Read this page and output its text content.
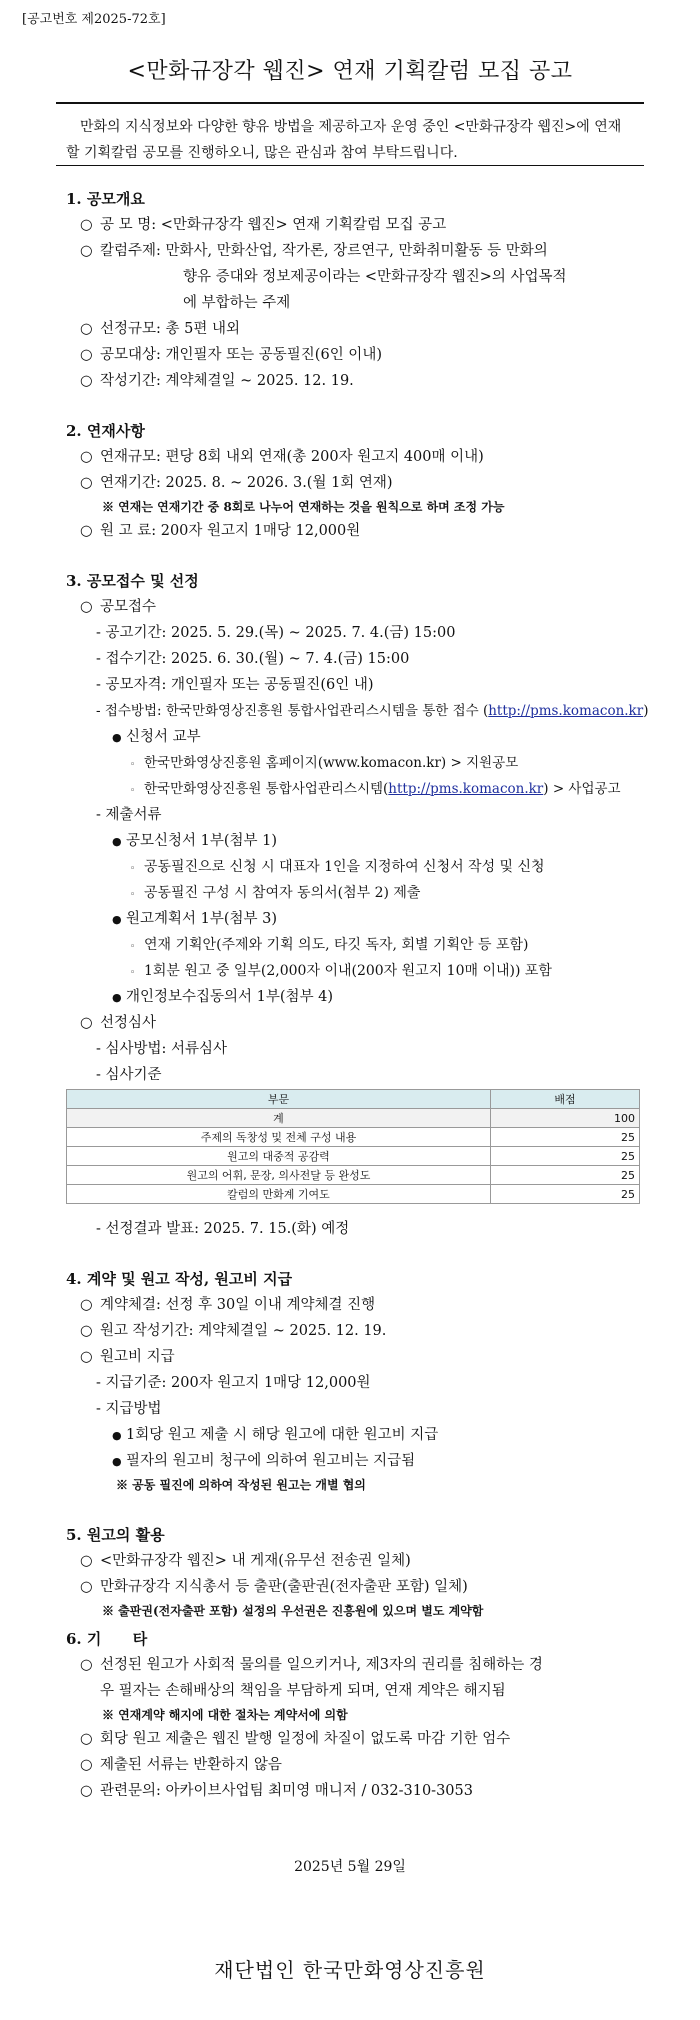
[공고번호 제2025-72호]
<만화규장각 웹진> 연재 기획칼럼 모집 공고
만화의 지식정보와 다양한 향유 방법을 제공하고자 운영 중인 <만화규장각 웹진>에 연재
할 기획칼럼 공모를 진행하오니, 많은 관심과 참여 부탁드립니다.
1. 공모개요
○ 공 모 명: <만화규장각 웹진> 연재 기획칼럼 모집 공고
○ 칼럼주제: 만화사, 만화산업, 작가론, 장르연구, 만화취미활동 등 만화의
향유 증대와 정보제공이라는 <만화규장각 웹진>의 사업목적
에 부합하는 주제
○ 선정규모: 총 5편 내외
○ 공모대상: 개인필자 또는 공동필진(6인 이내)
○ 작성기간: 계약체결일 ~ 2025. 12. 19.
2. 연재사항
○ 연재규모: 편당 8회 내외 연재(총 200자 원고지 400매 이내)
○ 연재기간: 2025. 8. ~ 2026. 3.(월 1회 연재)
※ 연재는 연재기간 중 8회로 나누어 연재하는 것을 원칙으로 하며 조정 가능
○ 원 고 료: 200자 원고지 1매당 12,000원
3. 공모접수 및 선정
○ 공모접수
- 공고기간: 2025. 5. 29.(목) ~ 2025. 7. 4.(금) 15:00
- 접수기간: 2025. 6. 30.(월) ~ 7. 4.(금) 15:00
- 공모자격: 개인필자 또는 공동필진(6인 내)
- 접수방법: 한국만화영상진흥원 통합사업관리스시템을 통한 접수 (http://pms.komacon.kr)
● 신청서 교부
◦ 한국만화영상진흥원 홈페이지(www.komacon.kr) > 지원공모
◦ 한국만화영상진흥원 통합사업관리스시템(http://pms.komacon.kr) > 사업공고
- 제출서류
● 공모신청서 1부(첨부 1)
◦ 공동필진으로 신청 시 대표자 1인을 지정하여 신청서 작성 및 신청
◦ 공동필진 구성 시 참여자 동의서(첨부 2) 제출
● 원고계획서 1부(첨부 3)
◦ 연재 기획안(주제와 기획 의도, 타깃 독자, 회별 기획안 등 포함)
◦ 1회분 원고 중 일부(2,000자 이내(200자 원고지 10매 이내)) 포함
● 개인정보수집동의서 1부(첨부 4)
○ 선정심사
- 심사방법: 서류심사
- 심사기준
부문	배점
계	100
주제의 독창성 및 전체 구성 내용	25
원고의 대중적 공감력	25
원고의 어휘, 문장, 의사전달 등 완성도	25
칼럼의 만화계 기여도	25
- 선정결과 발표: 2025. 7. 15.(화) 예정
4. 계약 및 원고 작성, 원고비 지급
○ 계약체결: 선정 후 30일 이내 계약체결 진행
○ 원고 작성기간: 계약체결일 ~ 2025. 12. 19.
○ 원고비 지급
- 지급기준: 200자 원고지 1매당 12,000원
- 지급방법
● 1회당 원고 제출 시 해당 원고에 대한 원고비 지급
● 필자의 원고비 청구에 의하여 원고비는 지급됨
※ 공동 필진에 의하여 작성된 원고는 개별 협의
5. 원고의 활용
○ <만화규장각 웹진> 내 게재(유무선 전송권 일체)
○ 만화규장각 지식총서 등 출판(출판권(전자출판 포함) 일체)
※ 출판권(전자출판 포함) 설정의 우선권은 진흥원에 있으며 별도 계약함
6. 기      타
○ 선정된 원고가 사회적 물의를 일으키거나, 제3자의 권리를 침해하는 경
우 필자는 손해배상의 책임을 부담하게 되며, 연재 계약은 해지됨
※ 연재계약 해지에 대한 절차는 계약서에 의함
○ 회당 원고 제출은 웹진 발행 일정에 차질이 없도록 마감 기한 엄수
○ 제출된 서류는 반환하지 않음
○ 관련문의: 아카이브사업팀 최미영 매니저 / 032-310-3053
2025년 5월 29일
재단법인 한국만화영상진흥원
